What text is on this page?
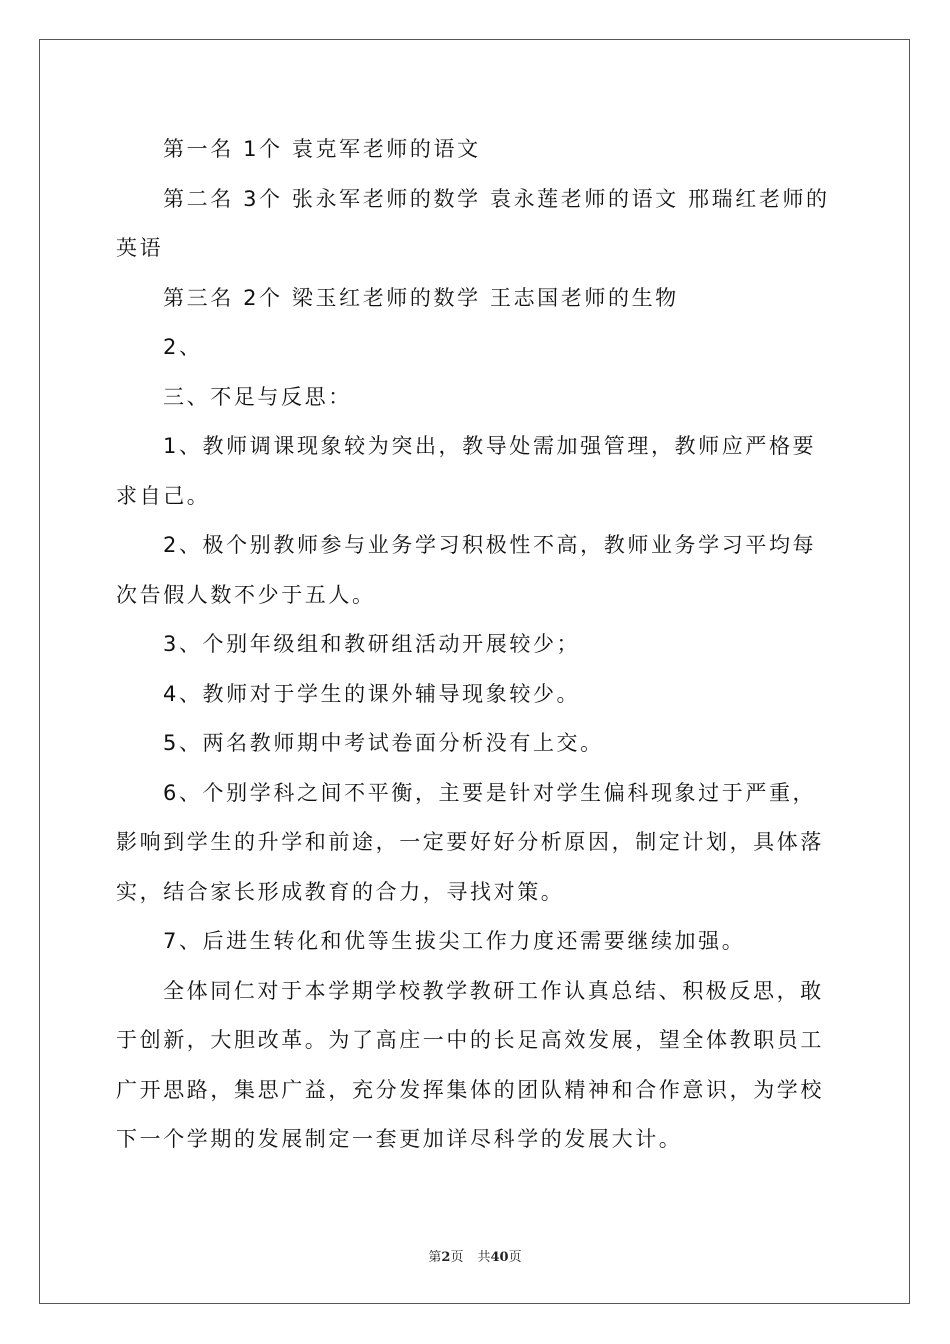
第一名 1个 袁克军老师的语文

第二名 3个 张永军老师的数学 袁永莲老师的语文 邢瑞红老师的英语

第三名 2个 梁玉红老师的数学 王志国老师的生物

2、

三、不足与反思：

1、教师调课现象较为突出，教导处需加强管理，教师应严格要求自己。

2、极个别教师参与业务学习积极性不高，教师业务学习平均每次告假人数不少于五人。

3、个别年级组和教研组活动开展较少；

4、教师对于学生的课外辅导现象较少。

5、两名教师期中考试卷面分析没有上交。

6、个别学科之间不平衡，主要是针对学生偏科现象过于严重，影响到学生的升学和前途，一定要好好分析原因，制定计划，具体落实，结合家长形成教育的合力，寻找对策。

7、后进生转化和优等生拔尖工作力度还需要继续加强。

全体同仁对于本学期学校教学教研工作认真总结、积极反思，敢于创新，大胆改革。为了高庄一中的长足高效发展，望全体教职员工广开思路，集思广益，充分发挥集体的团队精神和合作意识，为学校下一个学期的发展制定一套更加详尽科学的发展大计。

第2页 共40页
